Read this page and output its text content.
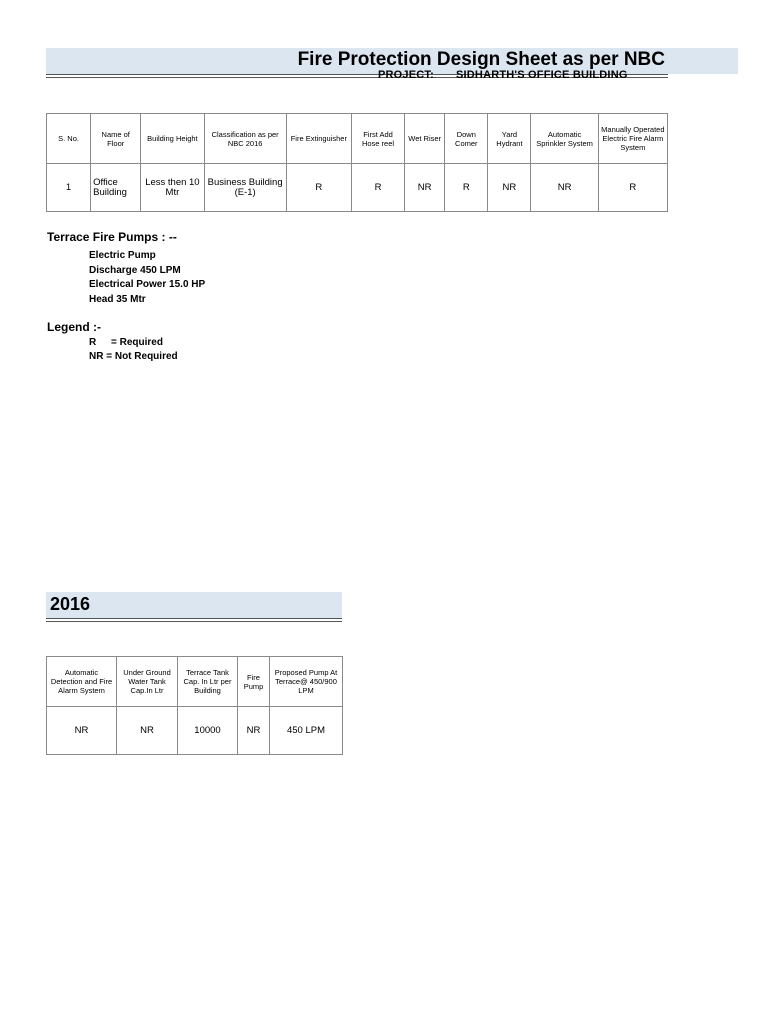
Fire Protection Design Sheet as per NBC
PROJECT: SIDHARTH'S OFFICE BUILDING
S. No.	Name of Floor	Building Height	Classification as per NBC 2016	Fire Extinguisher	First Add Hose reel	Wet Riser	Down Comer	Yard Hydrant	Automatic Sprinkler System	Manually Operated Electric Fire Alarm System
1	Office Building	Less then 10 Mtr	Business Building (E-1)	R	R	NR	R	NR	NR	R
Terrace Fire Pumps : --
Electric Pump
Discharge 450 LPM
Electrical Power 15.0 HP
Head 35 Mtr
Legend :-
R = Required
NR = Not Required
2016
Automatic Detection and Fire Alarm System	Under Ground Water Tank Cap.In Ltr	Terrace Tank Cap. In Ltr per Building	Fire Pump	Proposed Pump At Terrace@ 450/900 LPM
NR	NR	10000	NR	450 LPM
